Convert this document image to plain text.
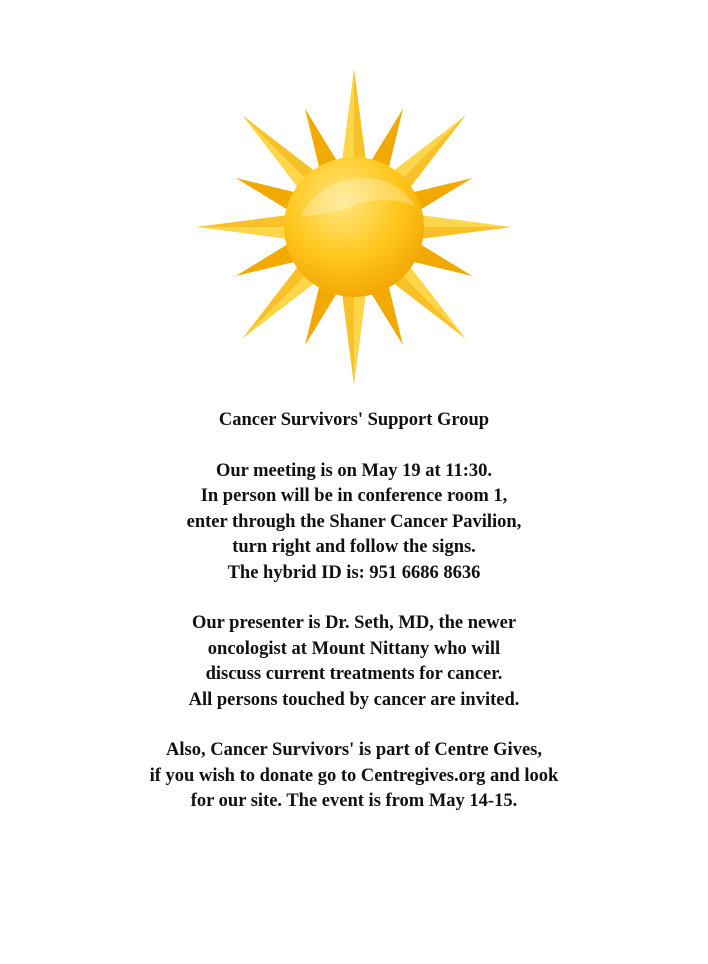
Cancer Survivors' Support Group
Our meeting is on May 19 at 11:30.
In person will be in conference room 1,
enter through the Shaner Cancer Pavilion,
turn right and follow the signs.
The hybrid ID is: 951 6686 8636
Our presenter is Dr. Seth, MD, the newer
oncologist at Mount Nittany who will
discuss current treatments for cancer.
All persons touched by cancer are invited.
Also, Cancer Survivors' is part of Centre Gives,
if you wish to donate go to Centregives.org and look
for our site. The event is from May 14-15.
